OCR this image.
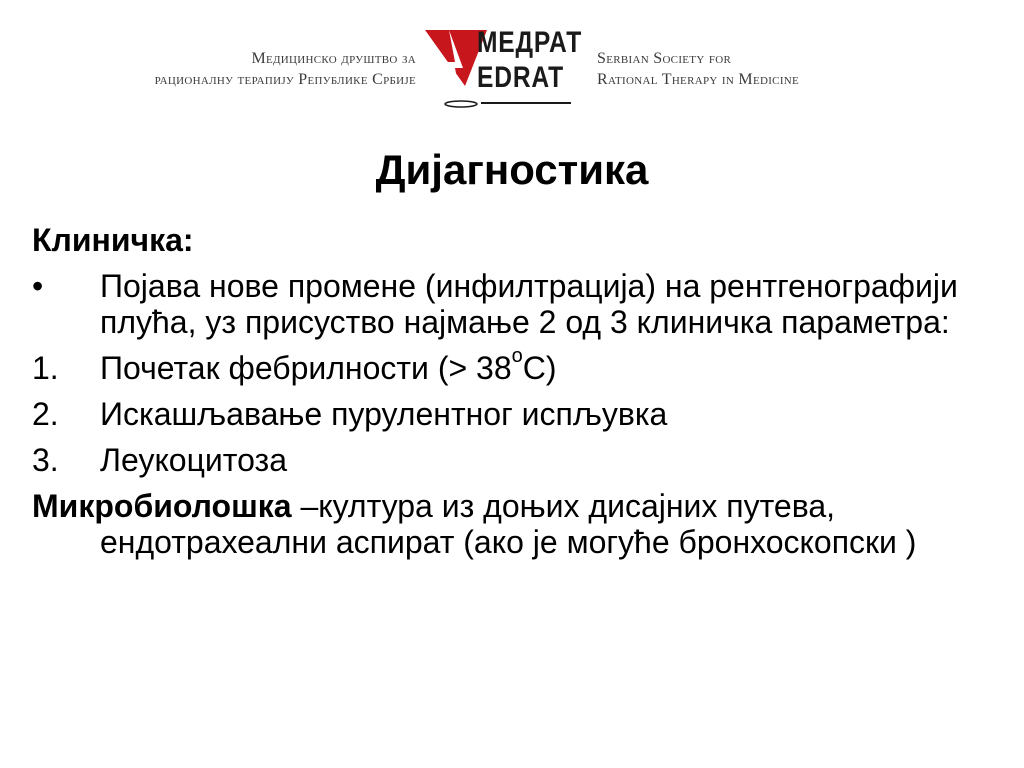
Медицинско друштво за
рационалну терапију Републике Србије
МЕДРАТ
EDRAT
Serbian Society for
Rational Therapy in Medicine
Дијагностика
Клиничка:
•	Појава нове промене (инфилтрација) на рентгенографији плућа, уз присуство најмање 2 од 3 клиничка параметра:
1.	Почетак фебрилности (> $38^oC$)
2.	Искашљавање пурулентног испљувка
3.	Леукоцитоза
Микробиолошка –култура из доњих дисајних путева, ендотрахеални аспират (ако је могуће бронхоскопски )
